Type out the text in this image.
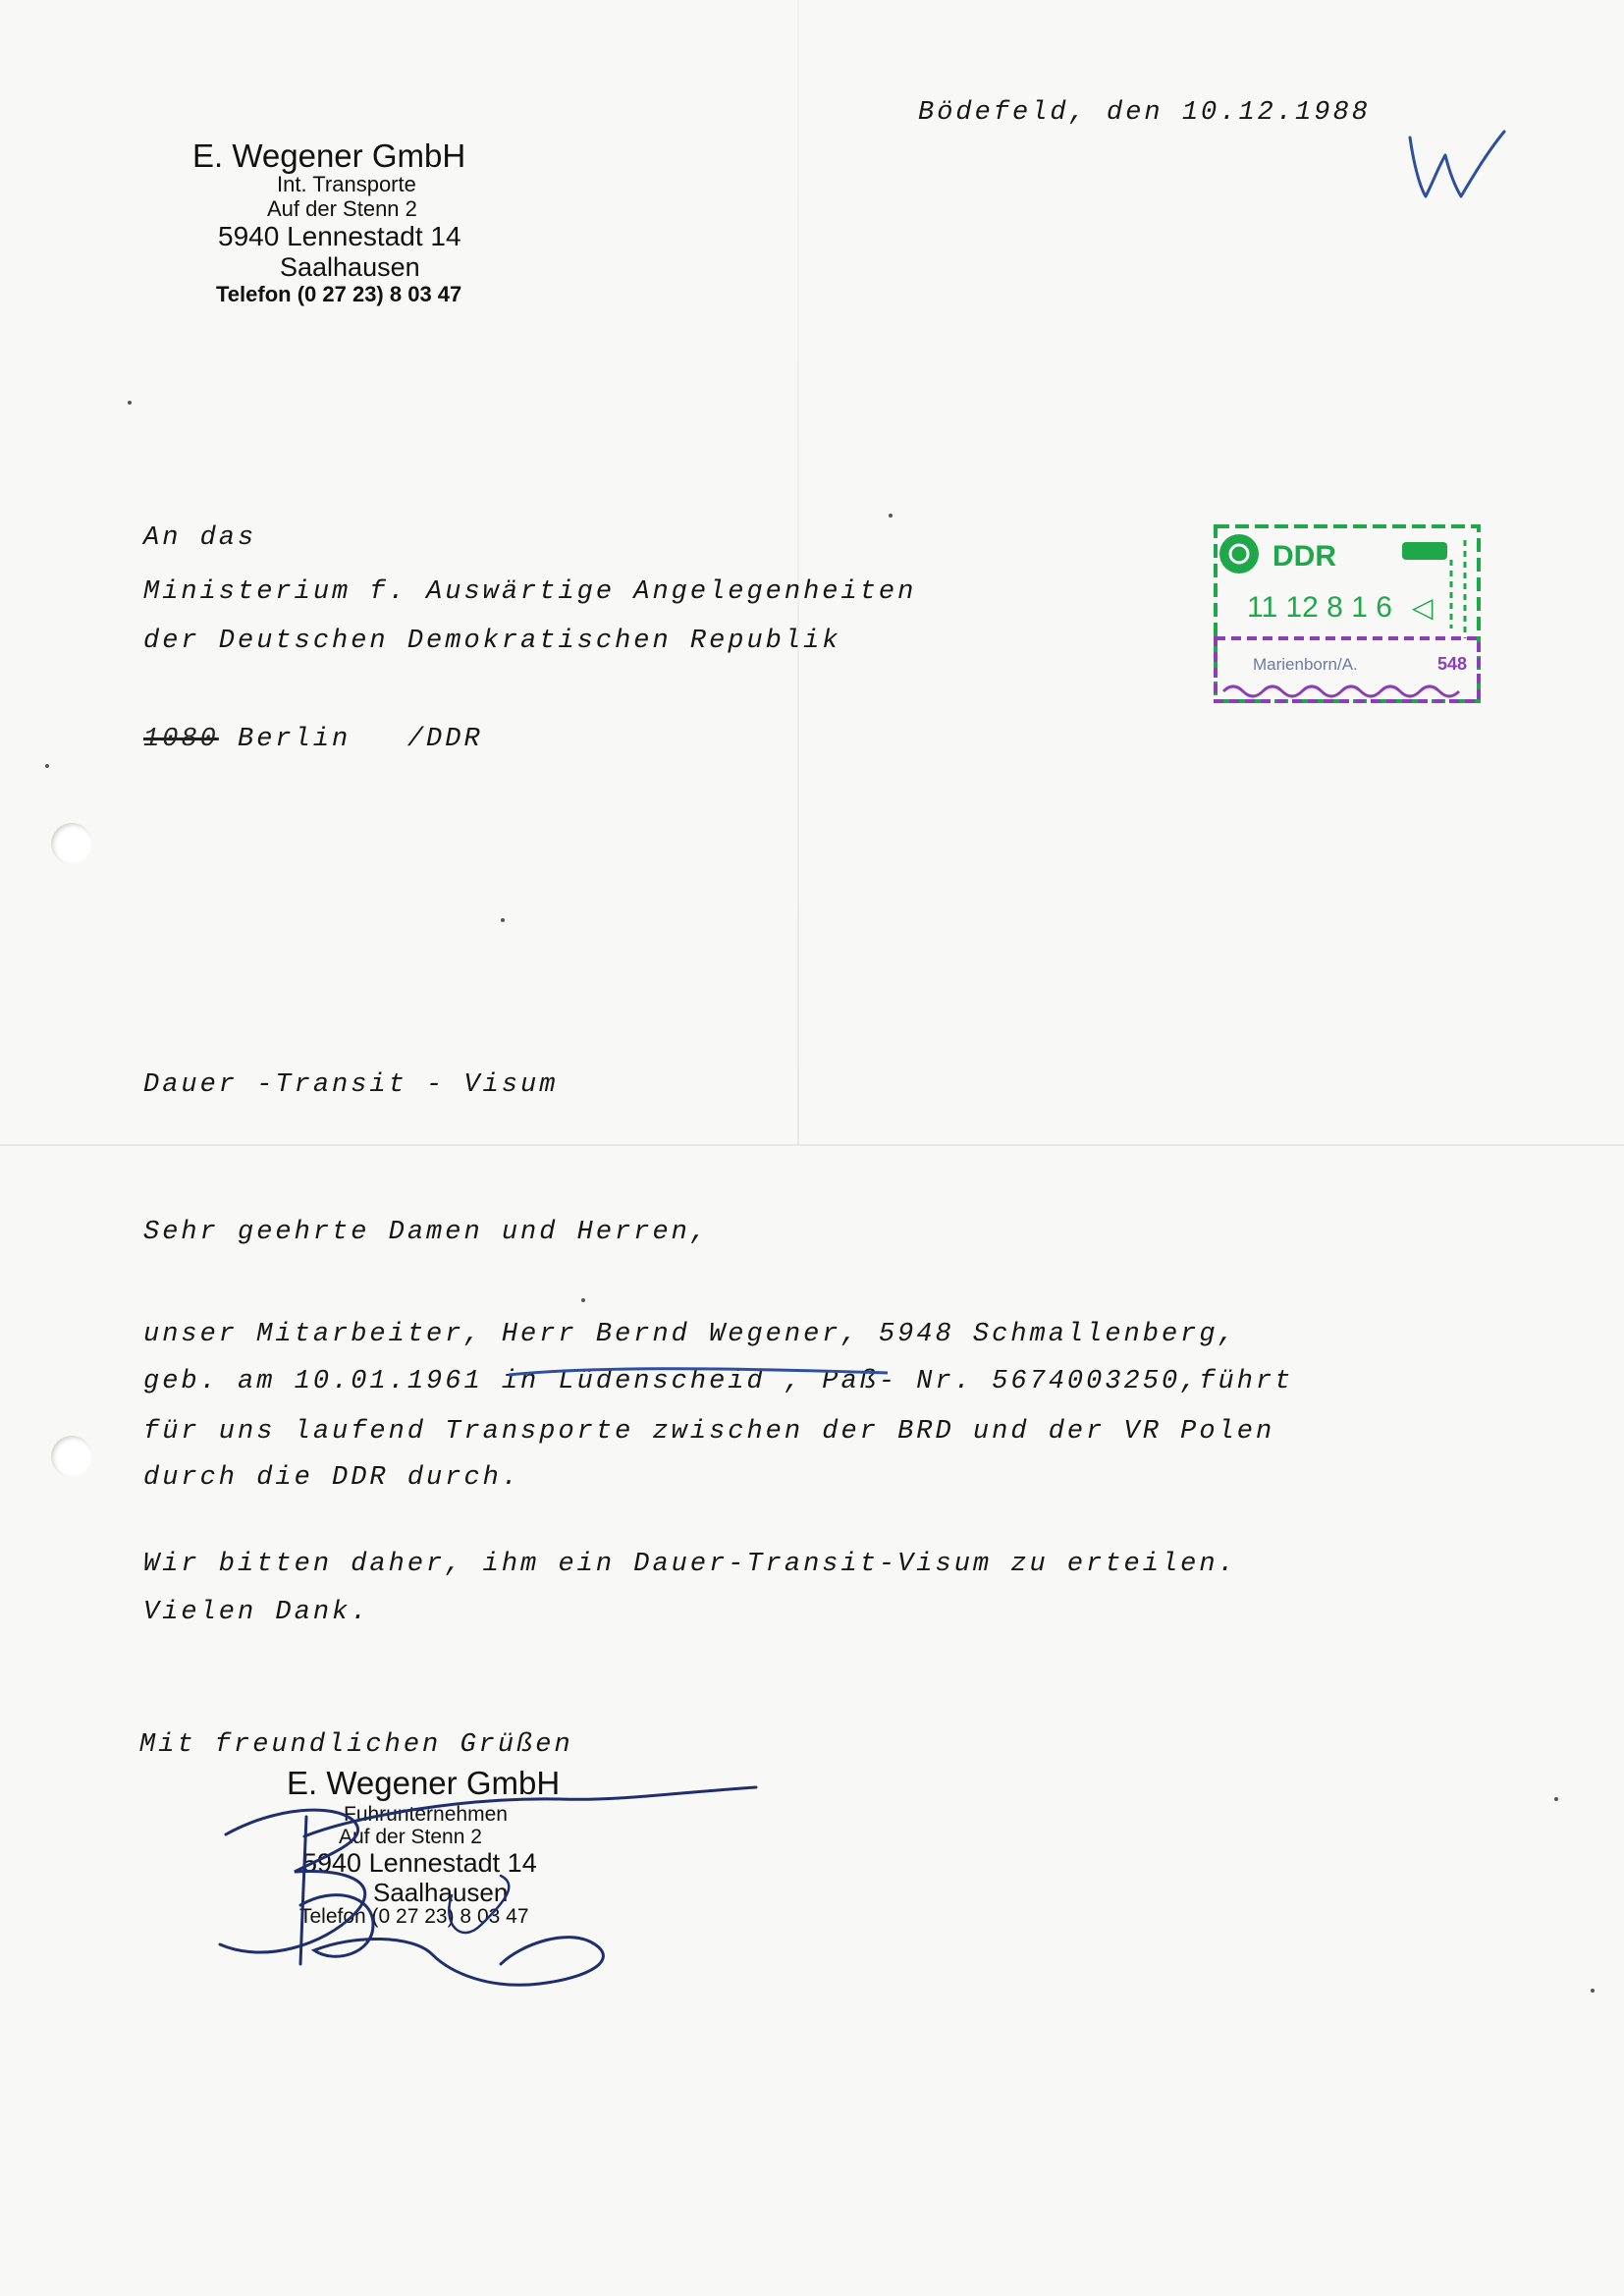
E. Wegener GmbH
Int. Transporte
Auf der Stenn 2
5940 Lennestadt 14
Saalhausen
Telefon (0 27 23) 8 03 47
Bödefeld, den 10.12.1988
An das
Ministerium f. Auswärtige Angelegenheiten
der Deutschen Demokratischen Republik
1080 Berlin   /DDR
DDR
11 12 8 1 6 ◁
Marienborn/A.	548
Dauer -Transit - Visum
Sehr geehrte Damen und Herren,
unser Mitarbeiter, Herr Bernd Wegener, 5948 Schmallenberg,
geb. am 10.01.1961 in Lüdenscheid , Paß- Nr. 5674003250,führt
für uns laufend Transporte zwischen der BRD und der VR Polen
durch die DDR durch.
Wir bitten daher, ihm ein Dauer-Transit-Visum zu erteilen.
Vielen Dank.
Mit freundlichen Grüßen
E. Wegener GmbH
Fuhrunternehmen
Auf der Stenn 2
5940 Lennestadt 14
Saalhausen
Telefon (0 27 23) 8 03 47
